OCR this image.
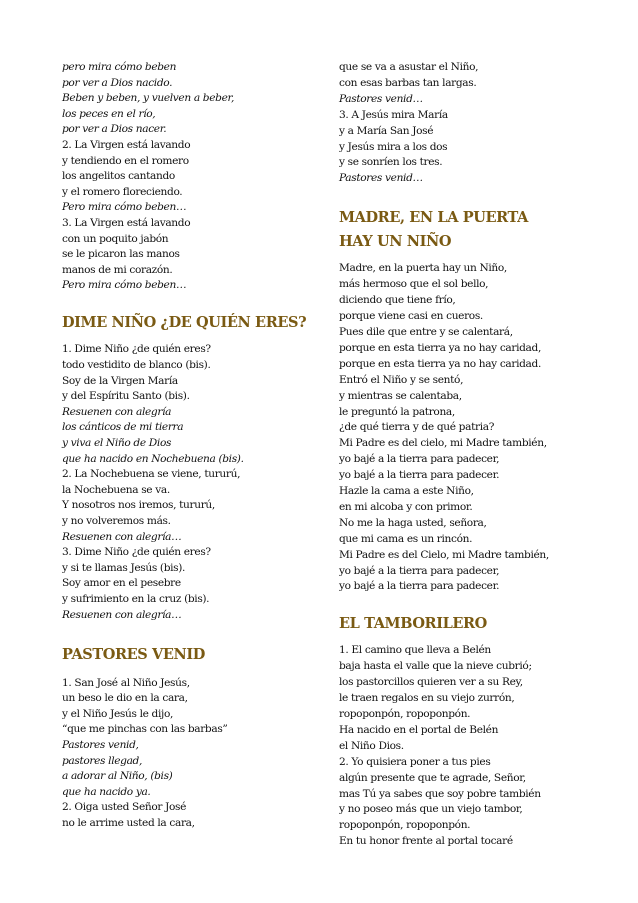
pero mira cómo beben
por ver a Dios nacido.
Beben y beben, y vuelven a beber,
los peces en el río,
por ver a Dios nacer.
2. La Virgen está lavando
y tendiendo en el romero
los angelitos cantando
y el romero floreciendo.
Pero mira cómo beben…
3. La Virgen está lavando
con un poquito jabón
se le picaron las manos
manos de mi corazón.
Pero mira cómo beben…
DIME NIÑO ¿DE QUIÉN ERES?
1. Dime Niño ¿de quién eres?
todo vestidito de blanco (bis).
Soy de la Virgen María
y del Espíritu Santo (bis).
Resuenen con alegría
los cánticos de mi tierra
y viva el Niño de Dios
que ha nacido en Nochebuena (bis).
2. La Nochebuena se viene, tururú,
la Nochebuena se va.
Y nosotros nos iremos, tururú,
y no volveremos más.
Resuenen con alegría…
3. Dime Niño ¿de quién eres?
y si te llamas Jesús (bis).
Soy amor en el pesebre
y sufrimiento en la cruz (bis).
Resuenen con alegría…
PASTORES VENID
1. San José al Niño Jesús,
un beso le dio en la cara,
y el Niño Jesús le dijo,
“que me pinchas con las barbas”
Pastores venid,
pastores llegad,
a adorar al Niño, (bis)
que ha nacido ya.
2. Oiga usted Señor José
no le arrime usted la cara,
que se va a asustar el Niño,
con esas barbas tan largas.
Pastores venid…
3. A Jesús mira María
y a María San José
y Jesús mira a los dos
y se sonríen los tres.
Pastores venid…
MADRE, EN LA PUERTA
HAY UN NIÑO
Madre, en la puerta hay un Niño,
más hermoso que el sol bello,
diciendo que tiene frío,
porque viene casi en cueros.
Pues dile que entre y se calentará,
porque en esta tierra ya no hay caridad,
porque en esta tierra ya no hay caridad.
Entró el Niño y se sentó,
y mientras se calentaba,
le preguntó la patrona,
¿de qué tierra y de qué patria?
Mi Padre es del cielo, mi Madre también,
yo bajé a la tierra para padecer,
yo bajé a la tierra para padecer.
Hazle la cama a este Niño,
en mi alcoba y con primor.
No me la haga usted, señora,
que mi cama es un rincón.
Mi Padre es del Cielo, mi Madre también,
yo bajé a la tierra para padecer,
yo bajé a la tierra para padecer.
EL TAMBORILERO
1. El camino que lleva a Belén
baja hasta el valle que la nieve cubrió;
los pastorcillos quieren ver a su Rey,
le traen regalos en su viejo zurrón,
ropoponpón, ropoponpón.
Ha nacido en el portal de Belén
el Niño Dios.
2. Yo quisiera poner a tus pies
algún presente que te agrade, Señor,
mas Tú ya sabes que soy pobre también
y no poseo más que un viejo tambor,
ropoponpón, ropoponpón.
En tu honor frente al portal tocaré
